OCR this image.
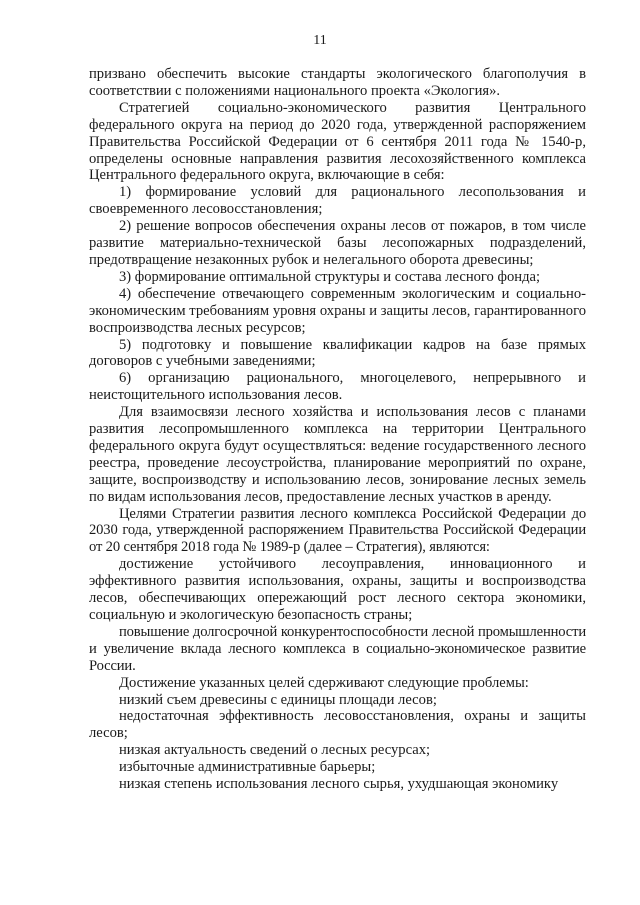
11

призвано обеспечить высокие стандарты экологического благополучия в соответствии с положениями национального проекта «Экология».

Стратегией социально-экономического развития Центрального федерального округа на период до 2020 года, утвержденной распоряжением Правительства Российской Федерации от 6 сентября 2011 года № 1540-р, определены основные направления развития лесохозяйственного комплекса Центрального федерального округа, включающие в себя:

1) формирование условий для рационального лесопользования и своевременного лесовосстановления;

2) решение вопросов обеспечения охраны лесов от пожаров, в том числе развитие материально-технической базы лесопожарных подразделений, предотвращение незаконных рубок и нелегального оборота древесины;

3) формирование оптимальной структуры и состава лесного фонда;

4) обеспечение отвечающего современным экологическим и социально-экономическим требованиям уровня охраны и защиты лесов, гарантированного воспроизводства лесных ресурсов;

5) подготовку и повышение квалификации кадров на базе прямых договоров с учебными заведениями;

6) организацию рационального, многоцелевого, непрерывного и неистощительного использования лесов.

Для взаимосвязи лесного хозяйства и использования лесов с планами развития лесопромышленного комплекса на территории Центрального федерального округа будут осуществляться: ведение государственного лесного реестра, проведение лесоустройства, планирование мероприятий по охране, защите, воспроизводству и использованию лесов, зонирование лесных земель по видам использования лесов, предоставление лесных участков в аренду.

Целями Стратегии развития лесного комплекса Российской Федерации до 2030 года, утвержденной распоряжением Правительства Российской Федерации от 20 сентября 2018 года № 1989-р (далее – Стратегия), являются:

достижение устойчивого лесоуправления, инновационного и эффективного развития использования, охраны, защиты и воспроизводства лесов, обеспечивающих опережающий рост лесного сектора экономики, социальную и экологическую безопасность страны;

повышение долгосрочной конкурентоспособности лесной промышленности и увеличение вклада лесного комплекса в социально-экономическое развитие России.

Достижение указанных целей сдерживают следующие проблемы:

низкий съем древесины с единицы площади лесов;

недостаточная эффективность лесовосстановления, охраны и защиты лесов;

низкая актуальность сведений о лесных ресурсах;

избыточные административные барьеры;

низкая степень использования лесного сырья, ухудшающая экономику
